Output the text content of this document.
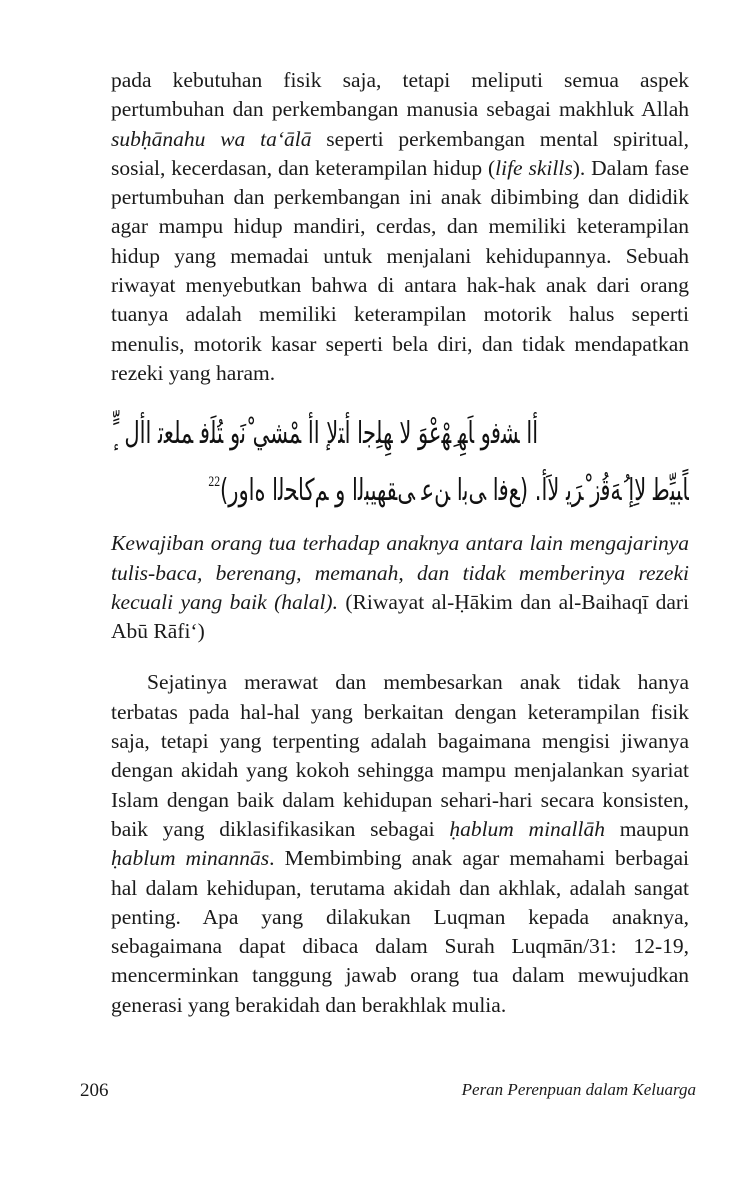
pada kebutuhan fisik saja, tetapi meliputi semua aspek pertumbuhan dan perkembangan manusia sebagai makhluk Allah subḥānahu wa ta‘ālā seperti perkembangan mental spiritual, sosial, kecerdasan, dan keterampilan hidup (life skills). Dalam fase pertumbuhan dan perkembangan ini anak dibimbing dan dididik agar mampu hidup mandiri, cerdas, dan memiliki keterampilan hidup yang memadai untuk menjalani kehidupannya. Sebuah riwayat menyebutkan bahwa di antara hak-hak anak dari orang tuanya adalah memiliki keterampilan motorik halus seperti menulis, motorik kasar seperti bela diri, dan tidak mendapatkan rezeki yang haram.

ّٕ ٍ ﺃﺍ ﺸﻓﻭ ﺎَﻬِ ِﻬْﻋْﻮَ ﻻ ﻬِﻠِﺟﺍ ﺃﺘﻹ ﺍﺃ ﻤْﺸﻲ ْﻧَﻭ ﺘُﻠَﻓ ﻤﻠﻌﺗ ﺍﺃﻝ
$^{22}$(ﻊﻓﺍ ﻰﺑﺍ ﻦﻋ ﻰﻘﻬﻴﺒﻟﺍ ﻭ ﻢﻛﺎﺤﻟﺍ ﻩﺍﻭﺭ) .ﺎًﺒﻴِّﻃ ﻻِﺇ ُﻪَﻗُﺯ ْﺮَﻳ ﻻَﺃ

Kewajiban orang tua terhadap anaknya antara lain mengajarinya tulis-baca, berenang, memanah, dan tidak memberinya rezeki kecuali yang baik (halal). (Riwayat al-Ḥākim dan al-Baihaqī dari Abū Rāfi‘)

Sejatinya merawat dan membesarkan anak tidak hanya terbatas pada hal-hal yang berkaitan dengan keterampilan fisik saja, tetapi yang terpenting adalah bagaimana mengisi jiwanya dengan akidah yang kokoh sehingga mampu menjalankan syariat Islam dengan baik dalam kehidupan sehari-hari secara konsisten, baik yang diklasifikasikan sebagai ḥablum minallāh maupun ḥablum minannās. Membimbing anak agar memahami berbagai hal dalam kehidupan, terutama akidah dan akhlak, adalah sangat penting. Apa yang dilakukan Luqman kepada anaknya, sebagaimana dapat dibaca dalam Surah Luqmān/31: 12-19, mencerminkan tanggung jawab orang tua dalam mewujudkan generasi yang berakidah dan berakhlak mulia.

206	Peran Perenpuan dalam Keluarga
